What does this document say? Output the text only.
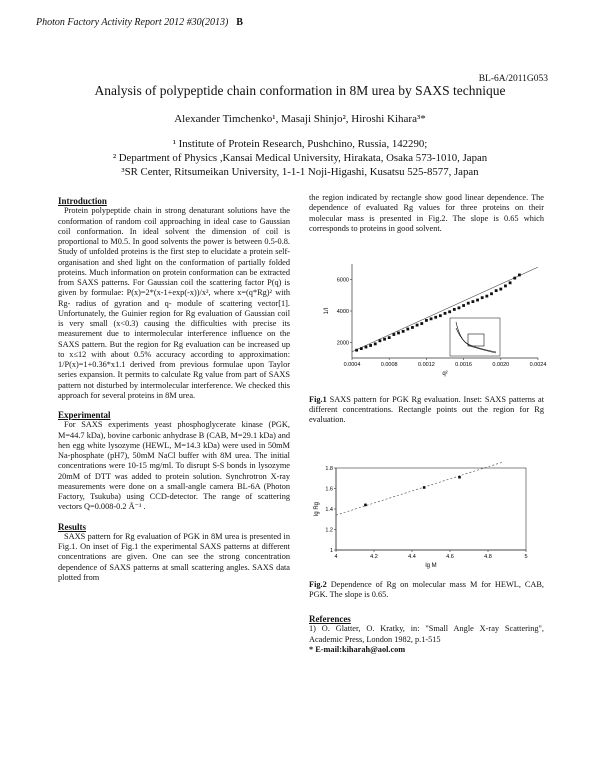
Photon Factory Activity Report 2012 #30(2013) B
BL-6A/2011G053
Analysis of polypeptide chain conformation in 8M urea by SAXS technique
Alexander Timchenko¹, Masaji Shinjo², Hiroshi Kihara³*
¹ Institute of Protein Research, Pushchino, Russia, 142290;
² Department of Physics ,Kansai Medical University, Hirakata, Osaka 573-1010, Japan
³SR Center, Ritsumeikan University, 1-1-1 Noji-Higashi, Kusatsu 525-8577, Japan

Introduction

Protein polypeptide chain in strong denaturant solutions have the conformation of random coil approaching in ideal case to Gaussian coil conformation. In ideal solvent the dimension of coil is proportional to M0.5. In good solvents the power is between 0.5-0.8. Study of unfolded proteins is the first step to elucidate a protein self-organisation and shed light on the conformation of partially folded proteins. Much information on protein conformation can be extracted from SAXS patterns. For Gaussian coil the scattering factor P(q) is given by formulae: P(x)=2*(x-1+exp(-x))/x², where x=(q*Rg)² with Rg- radius of gyration and q- module of scattering vector[1]. Unfortunately, the Guinier region for Rg evaluation of Gaussian coil is very small (x<0.3) causing the difficulties with precise its measurement due to intermolecular interference influence on the SAXS pattern. But the region for Rg evaluation can be increased up to x≤12 with about 0.5% accuracy according to approximation: 1/P(x)=1+0.36*x1.1 derived from previous formulae upon Taylor series expansion. It permits to calculate Rg value from part of SAXS pattern not disturbed by intermolecular interference. We checked this approach for several proteins in 8M urea.

Experimental

For SAXS experiments yeast phosphoglycerate kinase (PGK, M=44.7 kDa), bovine carbonic anhydrase B (CAB, M=29.1 kDa) and hen egg white lysozyme (HEWL, M=14.3 kDa) were used in 50mM Na-phosphate (pH7), 50mM NaCl buffer with 8M urea. The initial concentrations were 10-15 mg/ml. To disrupt S-S bonds in lysozyme 20mM of DTT was added to protein solution. Synchrotron X-ray measurements were done on a small-angle camera BL-6A (Photon Factory, Tsukuba) using CCD-detector. The range of scattering vectors Q=0.008-0.2 Å⁻¹ .

Results

SAXS pattern for Rg evaluation of PGK in 8M urea is presented in Fig.1. On inset of Fig.1 the experimental SAXS patterns at different concentrations are given. One can see the strong concentration dependence of SAXS patterns at small scattering angles. SAXS data plotted from

the region indicated by rectangle show good linear dependence. The dependence of evaluated Rg values for three proteins on their molecular mass is presented in Fig.2. The slope is 0.65 which corresponds to proteins in good solvent.

0.0004	0.0008	0.0012	0.0016	0.0020	0.0024
2000
4000
6000
q²
1/I
Fig.1 SAXS pattern for PGK Rg evaluation. Inset: SAXS patterns at different concentrations. Rectangle points out the region for Rg evaluation.
4	4.2	4.4	4.6	4.8	5
1
1.2
1.4
1.6
1.8
lg M
lg Rg
Fig.2 Dependence of Rg on molecular mass M for HEWL, CAB, PGK. The slope is 0.65.

References

1) O. Glatter, O. Kratky, in: "Small Angle X-ray Scattering", Academic Press, London 1982, p.1-515

* E-mail:kiharah@aol.com
